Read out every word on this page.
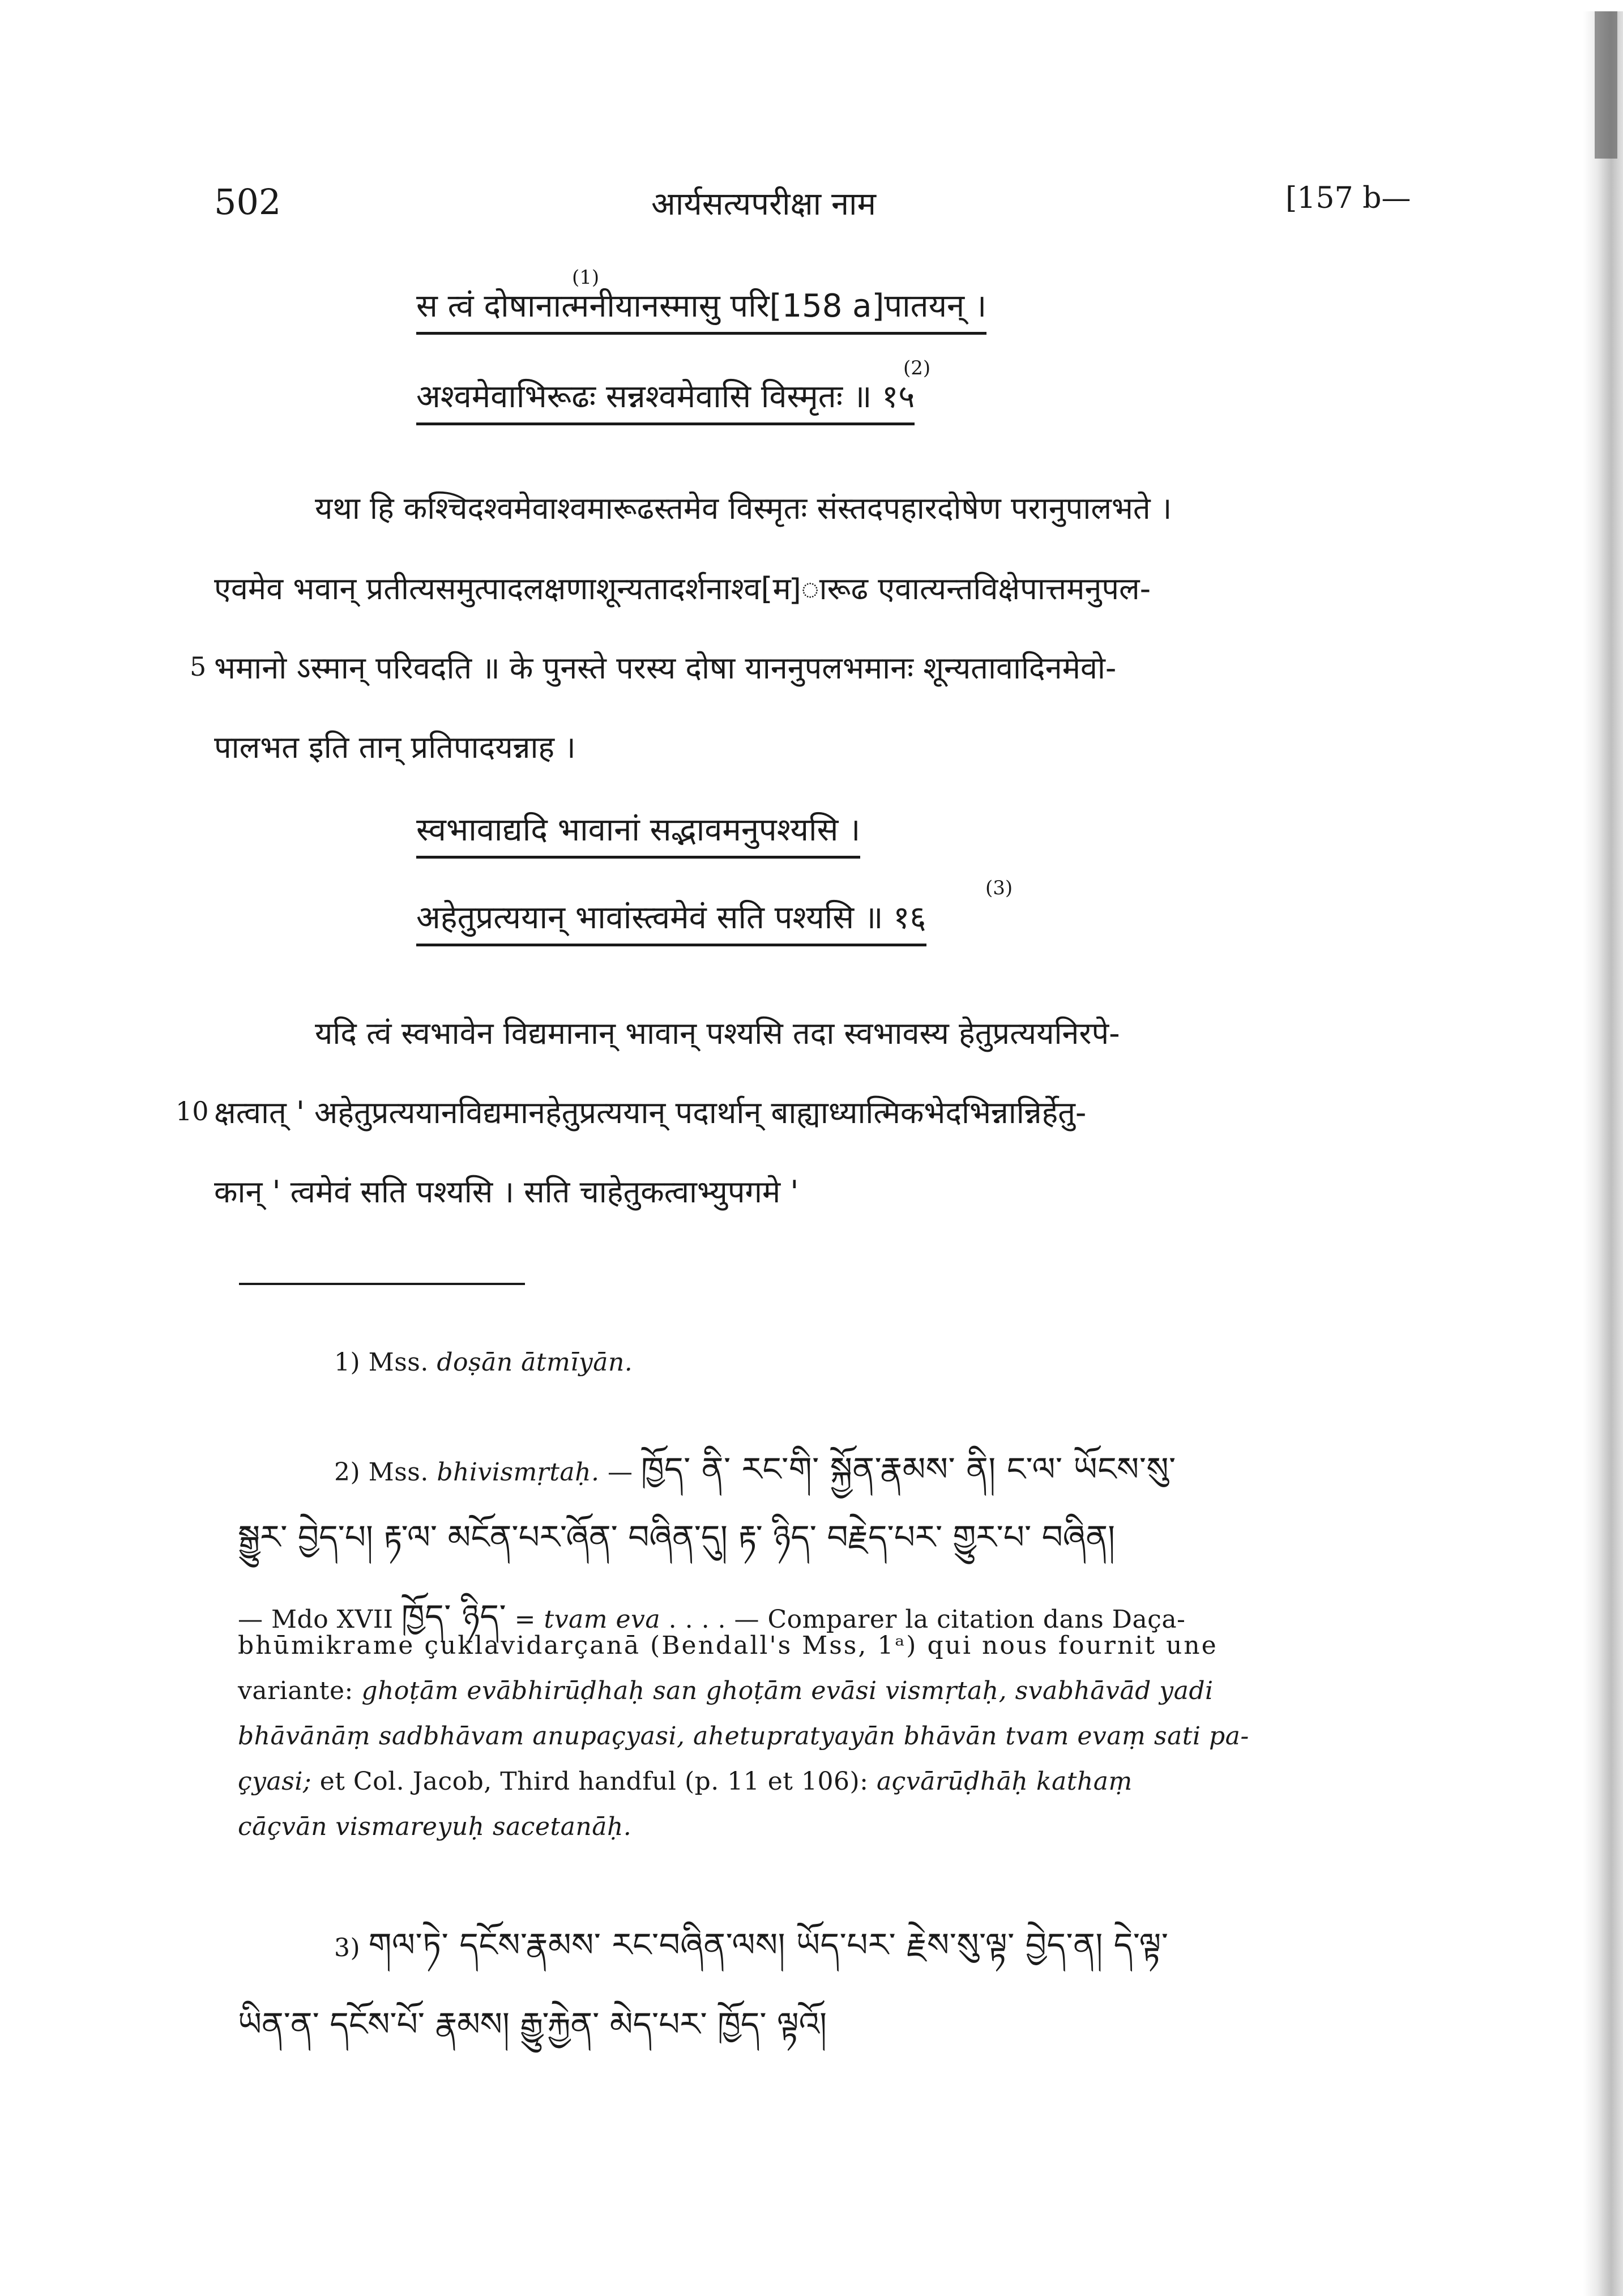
502	आर्यसत्यपरीक्षा नाम	[157 b—
स त्वं दोषानात्मनीयानस्मासु परि[158 a]पातयन् ।
(1)
अश्वमेवाभिरूढः सन्नश्वमेवासि विस्मृतः ॥ १५
(2)
यथा हि कश्चिदश्वमेवाश्वमारूढस्तमेव विस्मृतः संस्तदपहारदोषेण परानुपालभते ।
एवमेव भवान् प्रतीत्यसमुत्पादलक्षणाशून्यतादर्शनाश्व[म]ारूढ एवात्यन्तविक्षेपात्तमनुपल-
5 भमानो ऽस्मान् परिवदति ॥ के पुनस्ते परस्य दोषा याननुपलभमानः शून्यतावादिनमेवो-
पालभत इति तान् प्रतिपादयन्नाह ।
स्वभावाद्यदि भावानां सद्भावमनुपश्यसि ।
अहेतुप्रत्ययान् भावांस्त्वमेवं सति पश्यसि ॥ १६
(3)
यदि त्वं स्वभावेन विद्यमानान् भावान् पश्यसि तदा स्वभावस्य हेतुप्रत्ययनिरपे-
10 क्षत्वात् ' अहेतुप्रत्ययानविद्यमानहेतुप्रत्ययान् पदार्थान् बाह्याध्यात्मिकभेदभिन्नान्निर्हेतु-
कान् ' त्वमेवं सति पश्यसि । सति चाहेतुकत्वाभ्युपगमे '
1) Mss. doṣān ātmīyān.
2) Mss. bhivismṛtaḥ. — ཁྱོད་ ནི་ རང་གི་ སྐྱོན་རྣམས་ ནི། ང་ལ་ ཡོངས་སུ་
སྒྱུར་ བྱེད་པ། རྟ་ལ་ མངོན་པར་ཞོན་ བཞིན་དུ། རྟ་ ཉིད་ བརྗེད་པར་ གྱུར་པ་ བཞིན།
— Mdo XVII ཁྱོད་ ཉིད་ = tvam eva . . . . — Comparer la citation dans Daça-
bhūmikrame çuklavidarçanā (Bendall's Mss, 1ᵃ) qui nous fournit une
variante: ghoṭām evābhirūḍhaḥ san ghoṭām evāsi vismṛtaḥ, svabhāvād yadi
bhāvānāṃ sadbhāvam anupaçyasi, ahetupratyayān bhāvān tvam evaṃ sati pa-
çyasi; et Col. Jacob, Third handful (p. 11 et 106): açvārūḍhāḥ kathaṃ
cāçvān vismareyuḥ sacetanāḥ.
3) གལ་ཏེ་ དངོས་རྣམས་ རང་བཞིན་ལས། ཡོད་པར་ རྗེས་སུ་ལྟ་ བྱེད་ན། དེ་ལྟ་
ཡིན་ན་ དངོས་པོ་ རྣམས། རྒྱུ་རྐྱེན་ མེད་པར་ ཁྱོད་ ལྟའོ།
